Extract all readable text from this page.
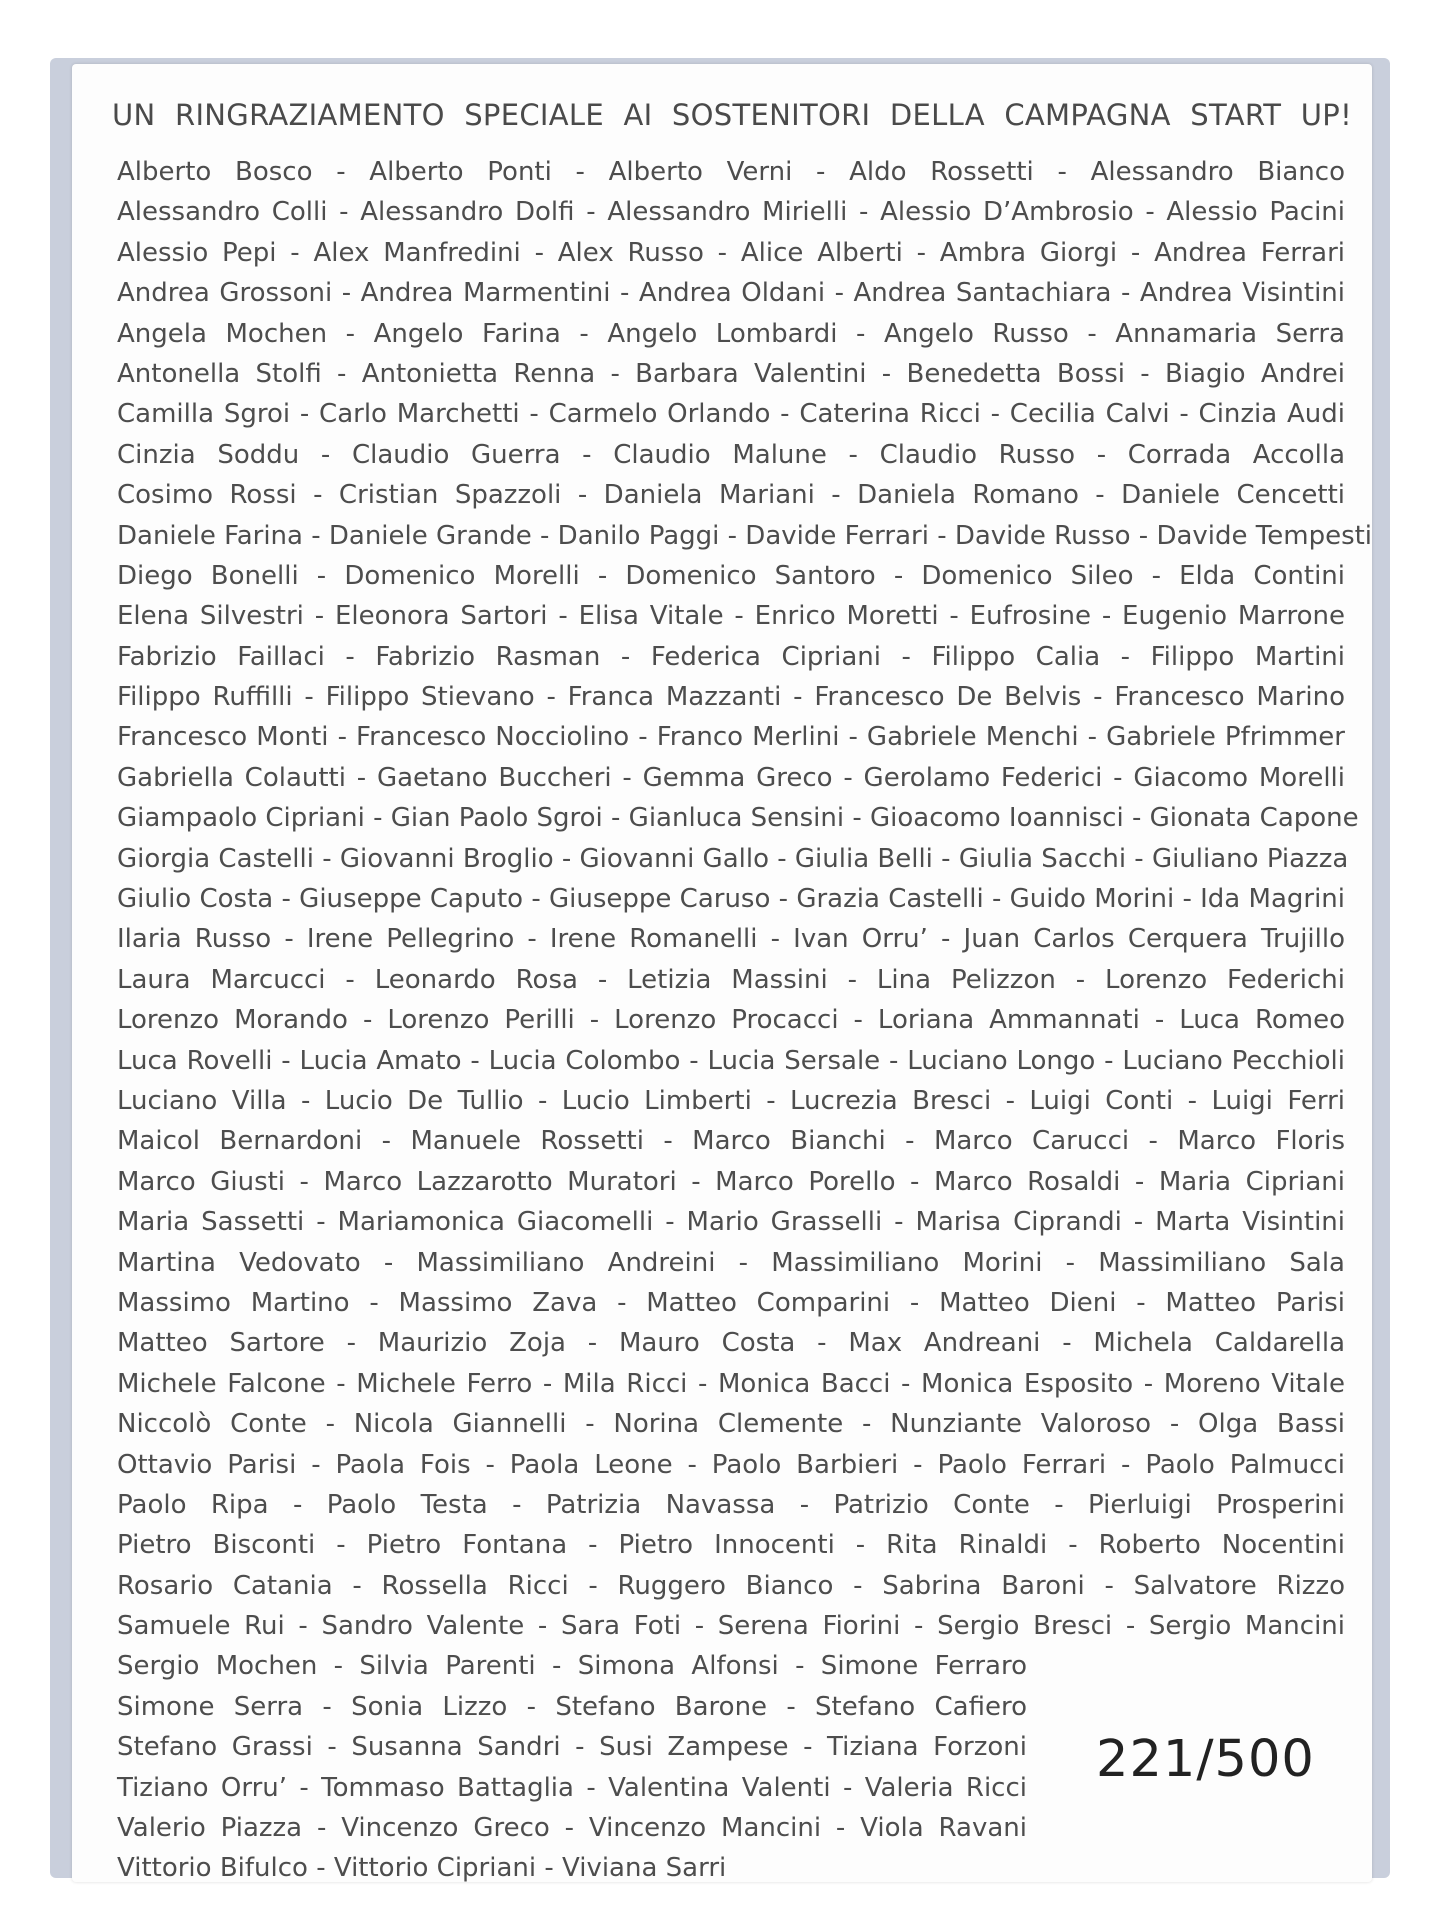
UN RINGRAZIAMENTO SPECIALE AI SOSTENITORI DELLA CAMPAGNA START UP!
Alberto Bosco - Alberto Ponti - Alberto Verni - Aldo Rossetti - Alessandro Bianco
Alessandro Colli - Alessandro Dolfi - Alessandro Mirielli - Alessio D’Ambrosio - Alessio Pacini
Alessio Pepi - Alex Manfredini - Alex Russo - Alice Alberti - Ambra Giorgi - Andrea Ferrari
Andrea Grossoni - Andrea Marmentini - Andrea Oldani - Andrea Santachiara - Andrea Visintini
Angela Mochen - Angelo Farina - Angelo Lombardi - Angelo Russo - Annamaria Serra
Antonella Stolfi - Antonietta Renna - Barbara Valentini - Benedetta Bossi - Biagio Andrei
Camilla Sgroi - Carlo Marchetti - Carmelo Orlando - Caterina Ricci - Cecilia Calvi - Cinzia Audi
Cinzia Soddu - Claudio Guerra - Claudio Malune - Claudio Russo - Corrada Accolla
Cosimo Rossi - Cristian Spazzoli - Daniela Mariani - Daniela Romano - Daniele Cencetti
Daniele Farina - Daniele Grande - Danilo Paggi - Davide Ferrari - Davide Russo - Davide Tempesti
Diego Bonelli - Domenico Morelli - Domenico Santoro - Domenico Sileo - Elda Contini
Elena Silvestri - Eleonora Sartori - Elisa Vitale - Enrico Moretti - Eufrosine - Eugenio Marrone
Fabrizio Faillaci - Fabrizio Rasman - Federica Cipriani - Filippo Calia - Filippo Martini
Filippo Ruffilli - Filippo Stievano - Franca Mazzanti - Francesco De Belvis - Francesco Marino
Francesco Monti - Francesco Nocciolino - Franco Merlini - Gabriele Menchi - Gabriele Pfrimmer
Gabriella Colautti - Gaetano Buccheri - Gemma Greco - Gerolamo Federici - Giacomo Morelli
Giampaolo Cipriani - Gian Paolo Sgroi - Gianluca Sensini - Gioacomo Ioannisci - Gionata Capone
Giorgia Castelli - Giovanni Broglio - Giovanni Gallo - Giulia Belli - Giulia Sacchi - Giuliano Piazza
Giulio Costa - Giuseppe Caputo - Giuseppe Caruso - Grazia Castelli - Guido Morini - Ida Magrini
Ilaria Russo - Irene Pellegrino - Irene Romanelli - Ivan Orru’ - Juan Carlos Cerquera Trujillo
Laura Marcucci - Leonardo Rosa - Letizia Massini - Lina Pelizzon - Lorenzo Federichi
Lorenzo Morando - Lorenzo Perilli - Lorenzo Procacci - Loriana Ammannati - Luca Romeo
Luca Rovelli - Lucia Amato - Lucia Colombo - Lucia Sersale - Luciano Longo - Luciano Pecchioli
Luciano Villa - Lucio De Tullio - Lucio Limberti - Lucrezia Bresci - Luigi Conti - Luigi Ferri
Maicol Bernardoni - Manuele Rossetti - Marco Bianchi - Marco Carucci - Marco Floris
Marco Giusti - Marco Lazzarotto Muratori - Marco Porello - Marco Rosaldi - Maria Cipriani
Maria Sassetti - Mariamonica Giacomelli - Mario Grasselli - Marisa Ciprandi - Marta Visintini
Martina Vedovato - Massimiliano Andreini - Massimiliano Morini - Massimiliano Sala
Massimo Martino - Massimo Zava - Matteo Comparini - Matteo Dieni - Matteo Parisi
Matteo Sartore - Maurizio Zoja - Mauro Costa - Max Andreani - Michela Caldarella
Michele Falcone - Michele Ferro - Mila Ricci - Monica Bacci - Monica Esposito - Moreno Vitale
Niccolò Conte - Nicola Giannelli - Norina Clemente - Nunziante Valoroso - Olga Bassi
Ottavio Parisi - Paola Fois - Paola Leone - Paolo Barbieri - Paolo Ferrari - Paolo Palmucci
Paolo Ripa - Paolo Testa - Patrizia Navassa - Patrizio Conte - Pierluigi Prosperini
Pietro Bisconti - Pietro Fontana - Pietro Innocenti - Rita Rinaldi - Roberto Nocentini
Rosario Catania - Rossella Ricci - Ruggero Bianco - Sabrina Baroni - Salvatore Rizzo
Samuele Rui - Sandro Valente - Sara Foti - Serena Fiorini - Sergio Bresci - Sergio Mancini
Sergio Mochen - Silvia Parenti - Simona Alfonsi - Simone Ferraro
Simone Serra - Sonia Lizzo - Stefano Barone - Stefano Cafiero
Stefano Grassi - Susanna Sandri - Susi Zampese - Tiziana Forzoni
Tiziano Orru’ - Tommaso Battaglia - Valentina Valenti - Valeria Ricci
Valerio Piazza - Vincenzo Greco - Vincenzo Mancini - Viola Ravani
Vittorio Bifulco - Vittorio Cipriani - Viviana Sarri
221/500
